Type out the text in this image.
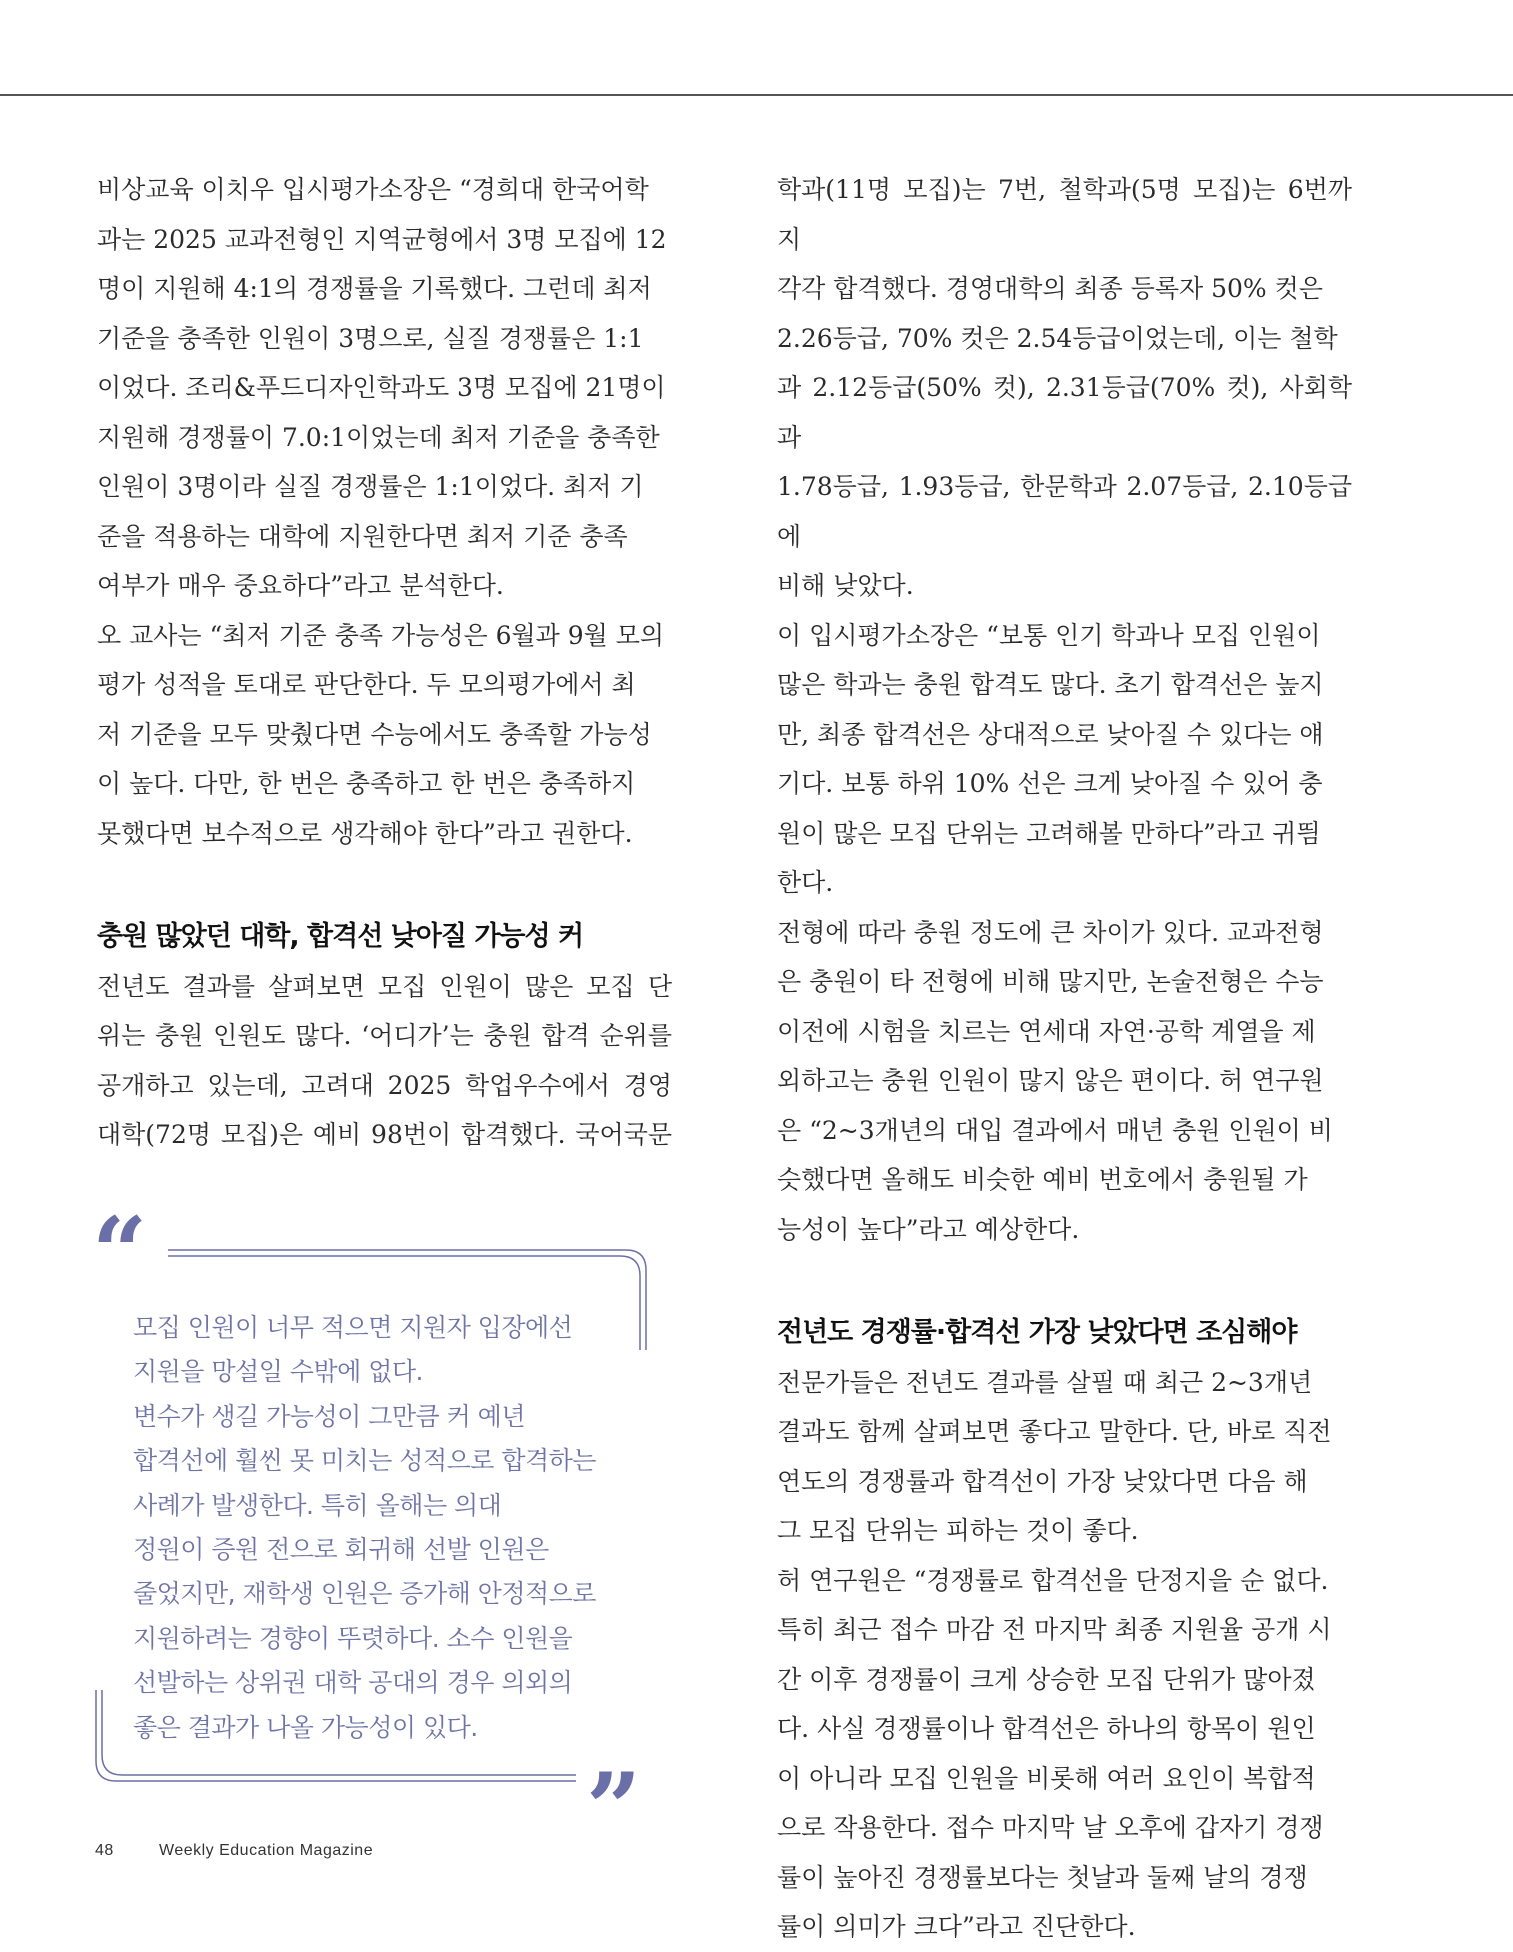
비상교육 이치우 입시평가소장은 “경희대 한국어학
과는 2025 교과전형인 지역균형에서 3명 모집에 12
명이 지원해 4:1의 경쟁률을 기록했다. 그런데 최저
기준을 충족한 인원이 3명으로, 실질 경쟁률은 1:1
이었다. 조리&푸드디자인학과도 3명 모집에 21명이
지원해 경쟁률이 7.0:1이었는데 최저 기준을 충족한
인원이 3명이라 실질 경쟁률은 1:1이었다. 최저 기
준을 적용하는 대학에 지원한다면 최저 기준 충족
여부가 매우 중요하다”라고 분석한다.

오 교사는 “최저 기준 충족 가능성은 6월과 9월 모의
평가 성적을 토대로 판단한다. 두 모의평가에서 최
저 기준을 모두 맞췄다면 수능에서도 충족할 가능성
이 높다. 다만, 한 번은 충족하고 한 번은 충족하지
못했다면 보수적으로 생각해야 한다”라고 권한다.

충원 많았던 대학, 합격선 낮아질 가능성 커

전년도 결과를 살펴보면 모집 인원이 많은 모집 단
위는 충원 인원도 많다. ‘어디가’는 충원 합격 순위를
공개하고 있는데, 고려대 2025 학업우수에서 경영
대학(72명 모집)은 예비 98번이 합격했다. 국어국문

학과(11명 모집)는 7번, 철학과(5명 모집)는 6번까지
각각 합격했다. 경영대학의 최종 등록자 50% 컷은
2.26등급, 70% 컷은 2.54등급이었는데, 이는 철학
과 2.12등급(50% 컷), 2.31등급(70% 컷), 사회학과
1.78등급, 1.93등급, 한문학과 2.07등급, 2.10등급에
비해 낮았다.

이 입시평가소장은 “보통 인기 학과나 모집 인원이
많은 학과는 충원 합격도 많다. 초기 합격선은 높지
만, 최종 합격선은 상대적으로 낮아질 수 있다는 얘
기다. 보통 하위 10% 선은 크게 낮아질 수 있어 충
원이 많은 모집 단위는 고려해볼 만하다”라고 귀띔
한다.

전형에 따라 충원 정도에 큰 차이가 있다. 교과전형
은 충원이 타 전형에 비해 많지만, 논술전형은 수능
이전에 시험을 치르는 연세대 자연·공학 계열을 제
외하고는 충원 인원이 많지 않은 편이다. 허 연구원
은 “2~3개년의 대입 결과에서 매년 충원 인원이 비
슷했다면 올해도 비슷한 예비 번호에서 충원될 가
능성이 높다”라고 예상한다.

전년도 경쟁률·합격선 가장 낮았다면 조심해야

전문가들은 전년도 결과를 살필 때 최근 2~3개년
결과도 함께 살펴보면 좋다고 말한다. 단, 바로 직전
연도의 경쟁률과 합격선이 가장 낮았다면 다음 해
그 모집 단위는 피하는 것이 좋다.

허 연구원은 “경쟁률로 합격선을 단정지을 순 없다.
특히 최근 접수 마감 전 마지막 최종 지원율 공개 시
간 이후 경쟁률이 크게 상승한 모집 단위가 많아졌
다. 사실 경쟁률이나 합격선은 하나의 항목이 원인
이 아니라 모집 인원을 비롯해 여러 요인이 복합적
으로 작용한다. 접수 마지막 날 오후에 갑자기 경쟁
률이 높아진 경쟁률보다는 첫날과 둘째 날의 경쟁
률이 의미가 크다”라고 진단한다.

“
”

모집 인원이 너무 적으면 지원자 입장에선

지원을 망설일 수밖에 없다.

변수가 생길 가능성이 그만큼 커 예년

합격선에 훨씬 못 미치는 성적으로 합격하는

사례가 발생한다. 특히 올해는 의대

정원이 증원 전으로 회귀해 선발 인원은

줄었지만, 재학생 인원은 증가해 안정적으로

지원하려는 경향이 뚜렷하다. 소수 인원을

선발하는 상위권 대학 공대의 경우 의외의

좋은 결과가 나올 가능성이 있다.

48	Weekly Education Magazine
